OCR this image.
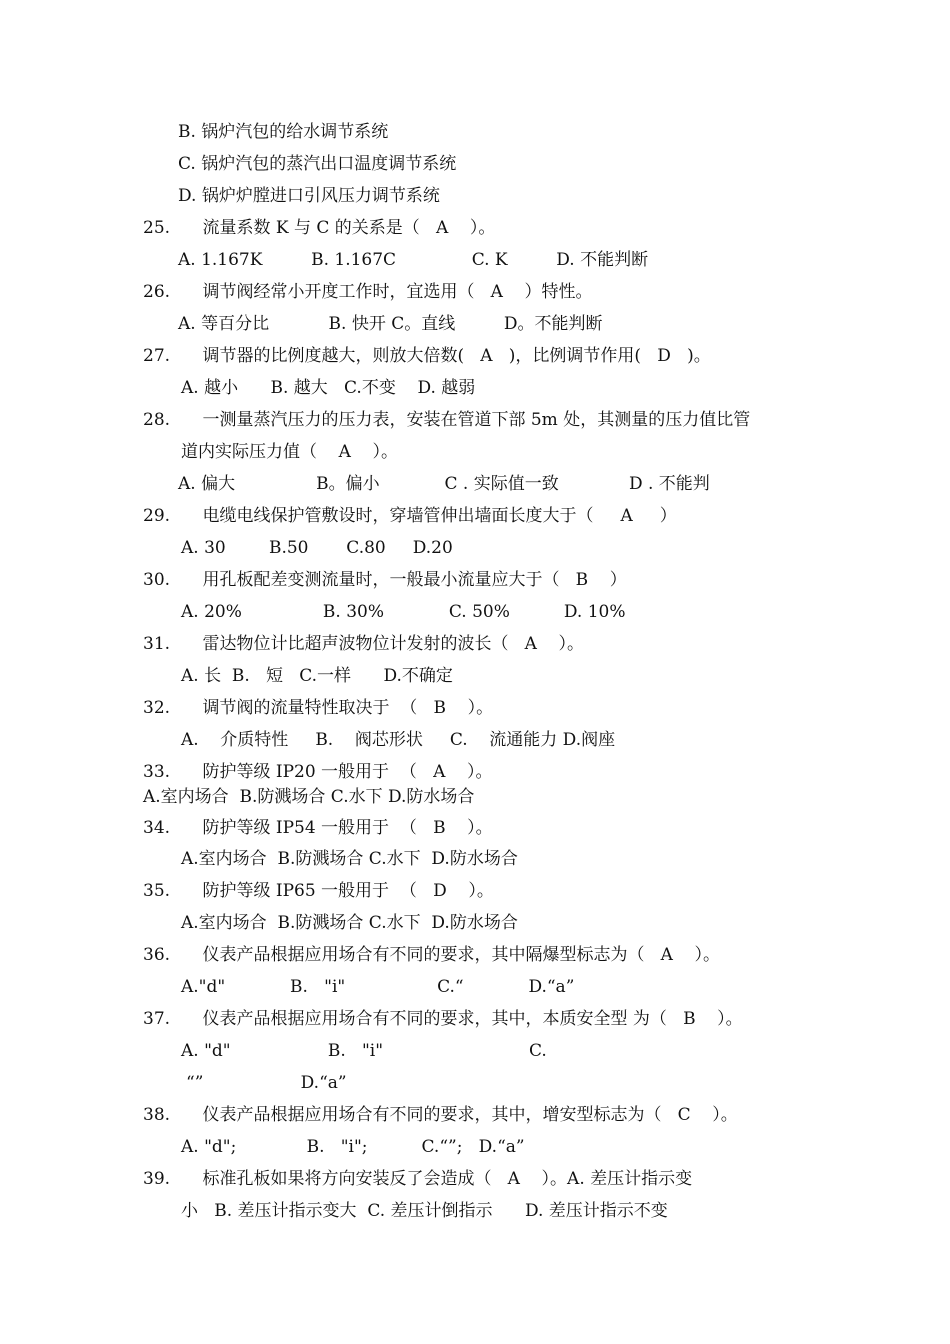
B. 锅炉汽包的给水调节系统
C. 锅炉汽包的蒸汽出口温度调节系统
D. 锅炉炉膛进口引风压力调节系统
25.      流量系数 K 与 C 的关系是（   A    ）。
A. 1.167K         B. 1.167C              C. K         D. 不能判断
26.      调节阀经常小开度工作时，宜选用（   A    ）特性。
A. 等百分比           B. 快开 C。直线         D。不能判断
27.      调节器的比例度越大，则放大倍数(   A   )，比例调节作用(   D   )。
A. 越小      B. 越大   C.不变    D. 越弱
28.      一测量蒸汽压力的压力表，安装在管道下部 5m 处，其测量的压力值比管
道内实际压力值（    A    ）。
A. 偏大               B。偏小            C . 实际值一致             D . 不能判
29.      电缆电线保护管敷设时，穿墙管伸出墙面长度大于（     A     ）
A. 30        B.50       C.80     D.20
30.      用孔板配差变测流量时，一般最小流量应大于（   B    ）
A. 20%               B. 30%            C. 50%          D. 10%
31.      雷达物位计比超声波物位计发射的波长（   A    ）。
A. 长  B.   短   C.一样      D.不确定
32.      调节阀的流量特性取决于  （   B    ）。
A.    介质特性     B.    阀芯形状     C.    流通能力 D.阀座
33.      防护等级 IP20 一般用于  （   A    ）。
A.室内场合  B.防溅场合 C.水下 D.防水场合
34.      防护等级 IP54 一般用于  （   B    ）。
A.室内场合  B.防溅场合 C.水下  D.防水场合
35.      防护等级 IP65 一般用于  （   D    ）。
A.室内场合  B.防溅场合 C.水下  D.防水场合
36.      仪表产品根据应用场合有不同的要求，其中隔爆型标志为（   A    ）。
A."d"            B.   "i"                 C.“            D.“a”
37.      仪表产品根据应用场合有不同的要求，其中，本质安全型 为（   B    ）。
A. "d"                  B.   "i"                           C.
“”                  D.“a”
38.      仪表产品根据应用场合有不同的要求，其中，增安型标志为（   C    ）。
A. "d";             B.   "i";          C.“”;   D.“a”
39.      标准孔板如果将方向安装反了会造成（   A    ）。A. 差压计指示变
小   B. 差压计指示变大  C. 差压计倒指示      D. 差压计指示不变
